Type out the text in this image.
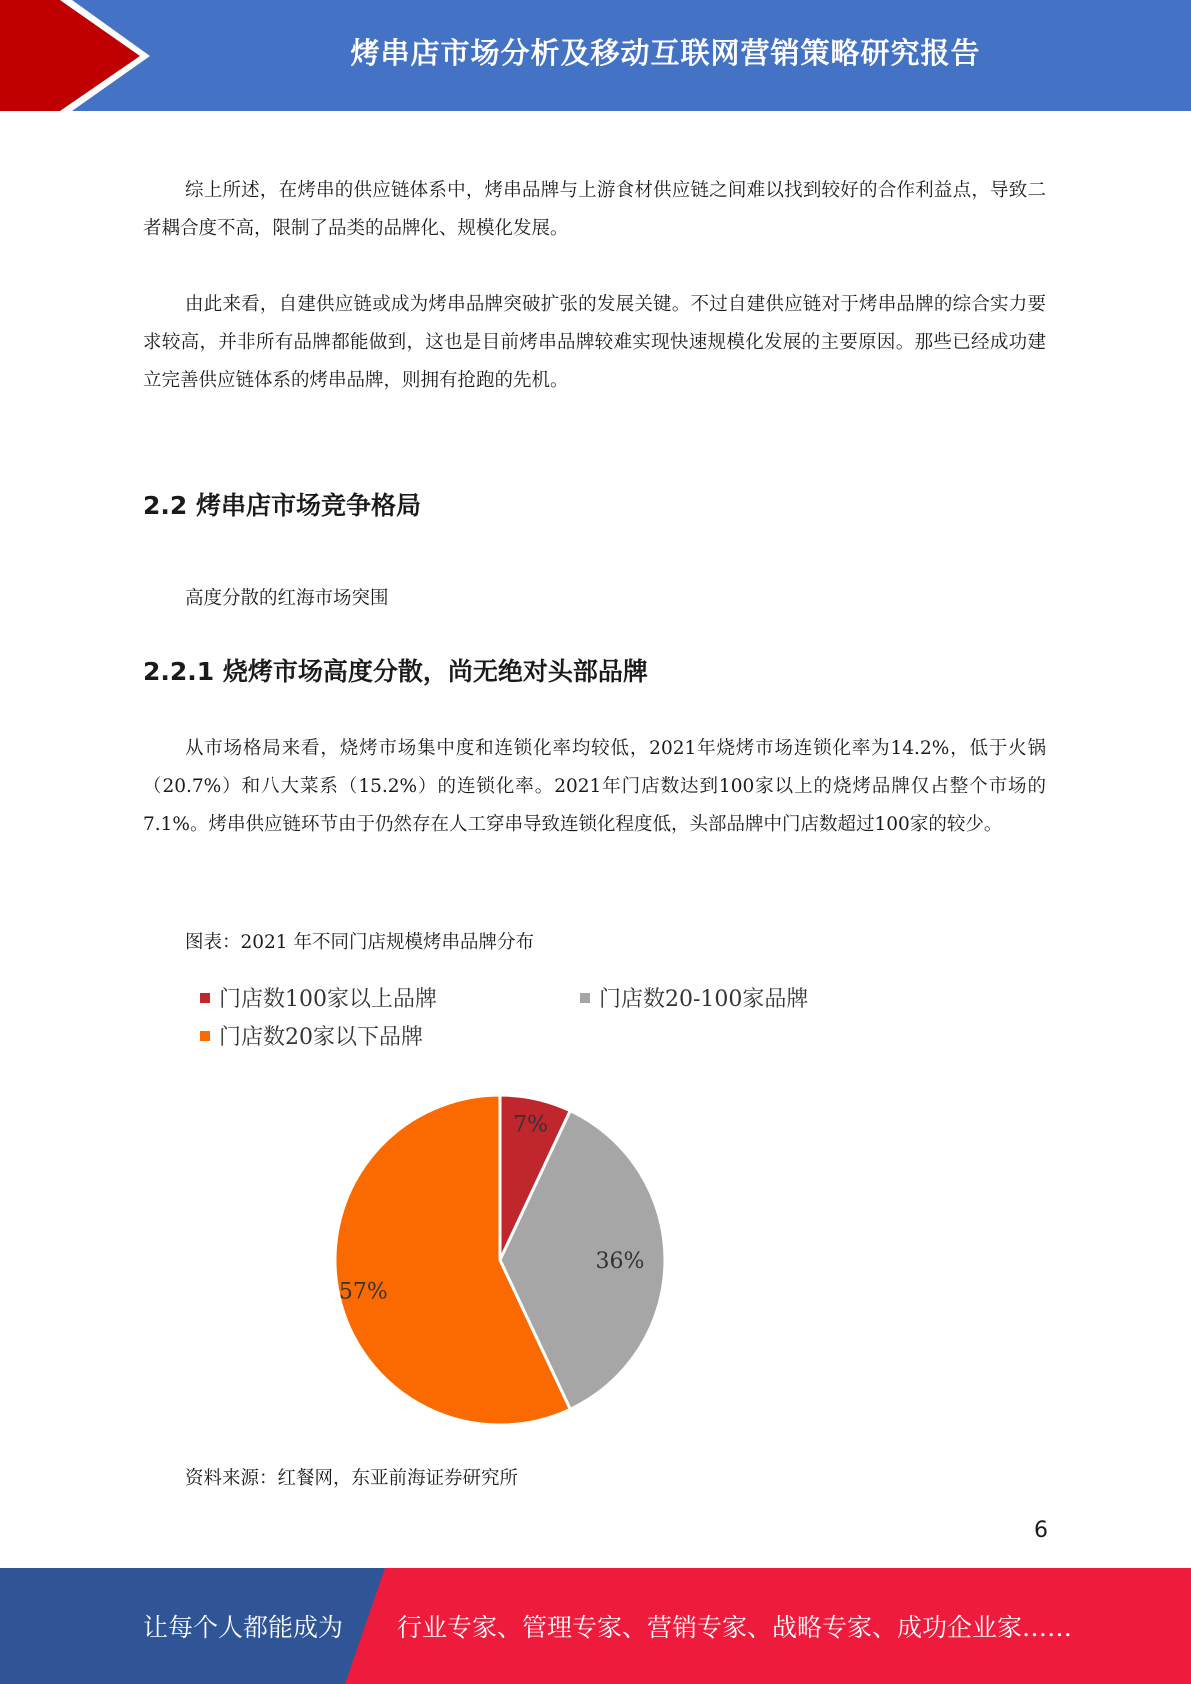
烤串店市场分析及移动互联网营销策略研究报告

综上所述，在烤串的供应链体系中，烤串品牌与上游食材供应链之间难以找到较好的合作利益点，导致二者耦合度不高，限制了品类的品牌化、规模化发展。

由此来看，自建供应链或成为烤串品牌突破扩张的发展关键。不过自建供应链对于烤串品牌的综合实力要求较高，并非所有品牌都能做到，这也是目前烤串品牌较难实现快速规模化发展的主要原因。那些已经成功建立完善供应链体系的烤串品牌，则拥有抢跑的先机。

2.2 烤串店市场竞争格局

高度分散的红海市场突围

2.2.1 烧烤市场高度分散，尚无绝对头部品牌

从市场格局来看，烧烤市场集中度和连锁化率均较低，2021年烧烤市场连锁化率为14.2%，低于火锅（20.7%）和八大菜系（15.2%）的连锁化率。2021年门店数达到100家以上的烧烤品牌仅占整个市场的7.1%。烤串供应链环节由于仍然存在人工穿串导致连锁化程度低，头部品牌中门店数超过100家的较少。

图表：2021 年不同门店规模烤串品牌分布

门店数100家以上品牌	门店数20-100家品牌
门店数20家以下品牌
7%
36%
57%

资料来源：红餐网，东亚前海证券研究所

6
让每个人都能成为 行业专家、管理专家、营销专家、战略专家、成功企业家……
